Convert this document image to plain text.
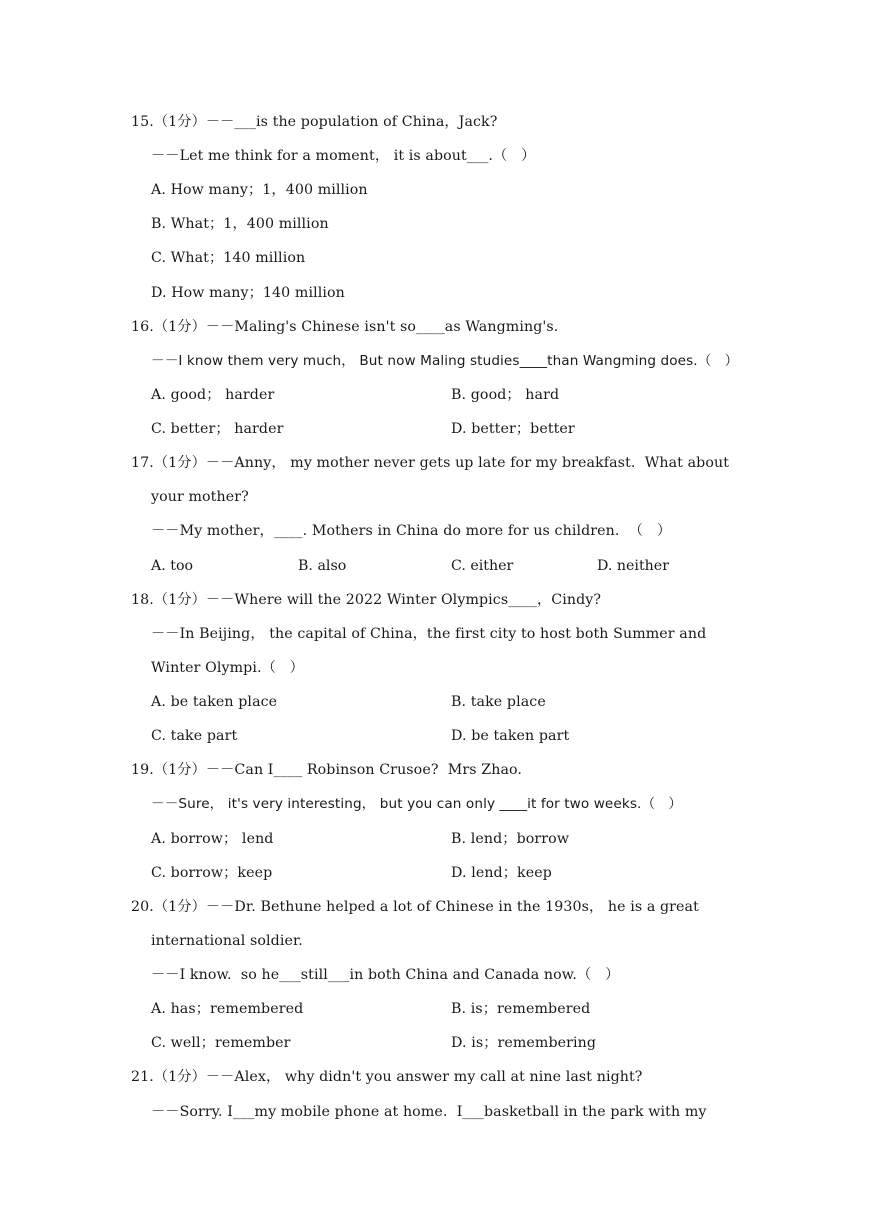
15.（1分）－－___is the population of China，Jack?
－－Let me think for a moment， it is about___.（   ）
A. How many；1，400 million
B. What；1，400 million
C. What；140 million
D. How many；140 million
16.（1分）－－Maling's Chinese isn't so____as Wangming's.
－－I know them very much， But now Maling studies____than Wangming does.（   ）
A. good； harder	B. good； hard
C. better； harder	D. better；better
17.（1分）－－Anny， my mother never gets up late for my breakfast.  What about
your mother?
－－My mother，____. Mothers in China do more for us children.  （   ）
A. too	B. also	C. either	D. neither
18.（1分）－－Where will the 2022 Winter Olympics____，Cindy?
－－In Beijing， the capital of China，the first city to host both Summer and
Winter Olympi.（   ）
A. be taken place	B. take place
C. take part	D. be taken part
19.（1分）－－Can I____ Robinson Crusoe?  Mrs Zhao.
－－Sure， it's very interesting， but you can only ____it for two weeks.（   ）
A. borrow； lend	B. lend；borrow
C. borrow；keep	D. lend；keep
20.（1分）－－Dr. Bethune helped a lot of Chinese in the 1930s， he is a great
international soldier.
－－I know.  so he___still___in both China and Canada now.（   ）
A. has；remembered	B. is；remembered
C. well；remember	D. is；remembering
21.（1分）－－Alex， why didn't you answer my call at nine last night?
－－Sorry. I___my mobile phone at home.  I___basketball in the park with my
